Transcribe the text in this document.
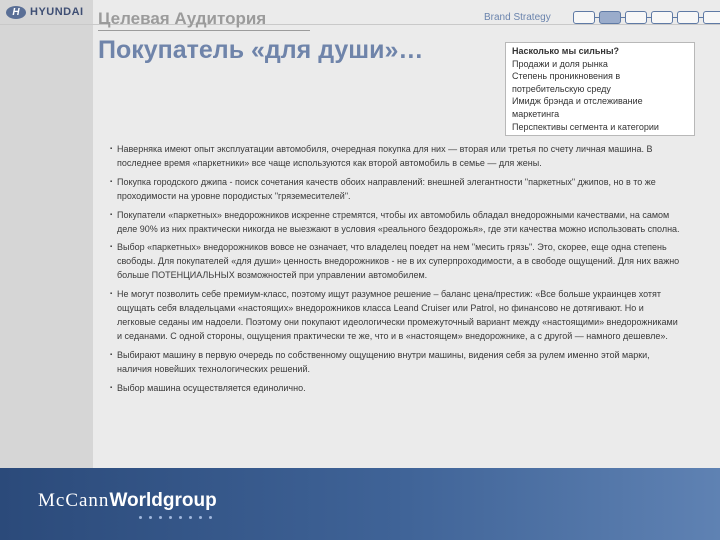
H HYUNDAI Целевая Аудитория	Brand Strategy
Покупатель «для души»…	Насколько мы сильны?
Продажи и доля рынка
Степень проникновения в потребительскую среду
Имидж брэнда и отслеживание маркетинга
Перспективы сегмента и категории
▪ Наверняка имеют опыт эксплуатации автомобиля, очередная покупка для них — вторая или третья по счету личная машина. В последнее время «паркетники» все чаще используются как второй автомобиль в семье — для жены.
▪ Покупка городского джипа - поиск сочетания качеств обоих направлений: внешней элегантности "паркетных" джипов, но в то же проходимости на уровне породистых "гряземесителей".
▪ Покупатели «паркетных» внедорожников искренне стремятся, чтобы их автомобиль обладал внедорожными качествами, на самом деле 90% из них практически никогда не выезжают в условия «реального бездорожья», где эти качества можно использовать сполна.
▪ Выбор «паркетных» внедорожников вовсе не означает, что владелец поедет на нем "месить грязь". Это, скорее, еще одна степень свободы. Для покупателей «для души» ценность внедорожников - не в их суперпроходимости, а в свободе ощущений. Для них важно больше ПОТЕНЦИАЛЬНЫХ возможностей при управлении автомобилем.
▪ Не могут позволить себе премиум-класс, поэтому ищут разумное решение – баланс цена/престиж: «Все больше украинцев хотят ощущать себя владельцами «настоящих» внедорожников класса Leand Cruiser или Patrol, но финансово не дотягивают. Но и легковые седаны им надоели. Поэтому они покупают идеологически промежуточный вариант между «настоящими» внедорожниками и седанами. С одной стороны, ощущения практически те же, что и в «настоящем» внедорожнике, а с другой — намного дешевле».
▪ Выбирают машину в первую очередь по собственному ощущению внутри машины, видения себя за рулем именно этой марки, наличия новейших технологических решений.
▪ Выбор машина осуществляется единолично.
McCannWorldgroup
